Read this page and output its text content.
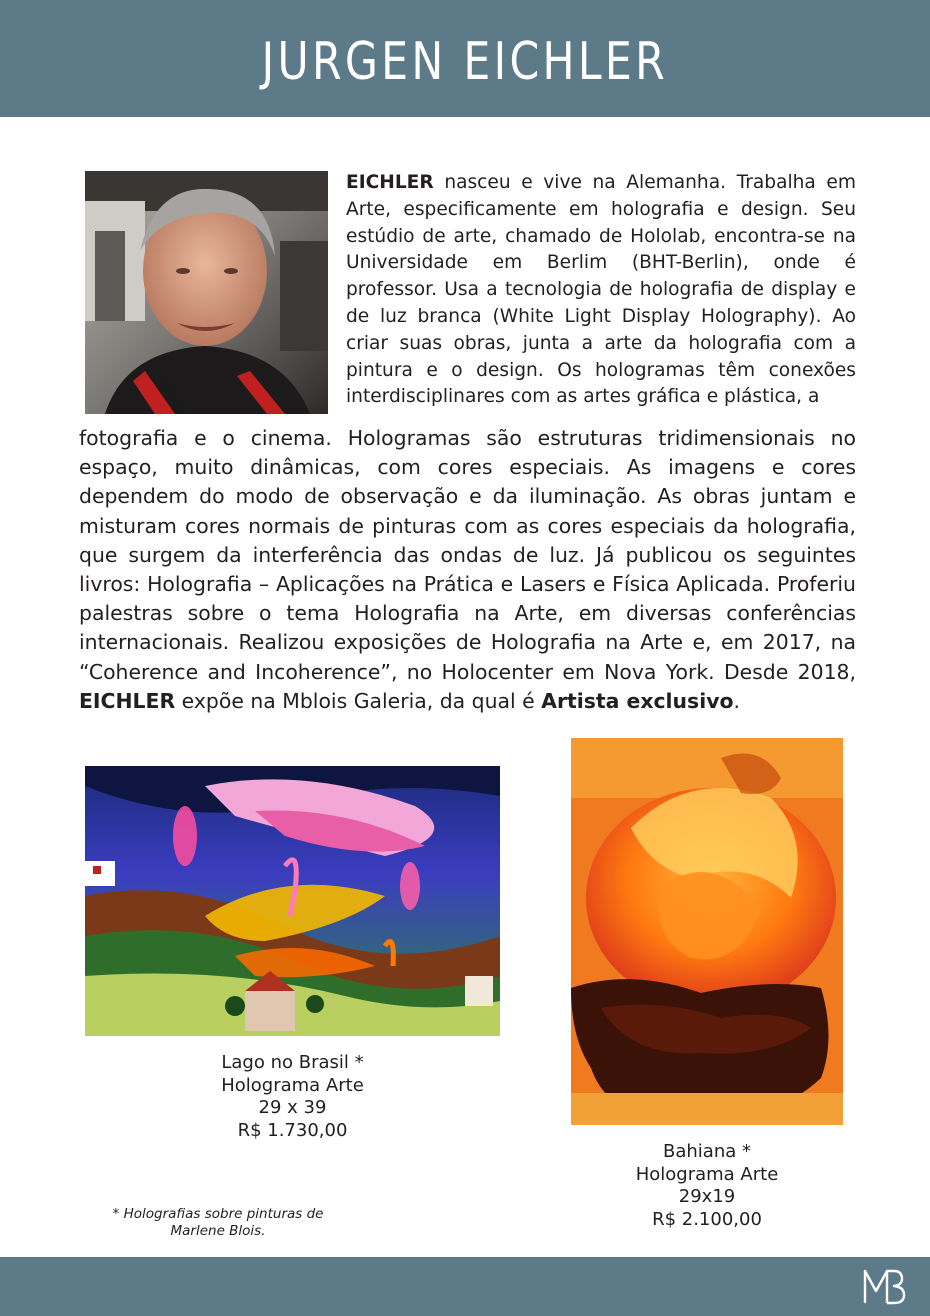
JURGEN EICHLER

EICHLER nasceu e vive na Alemanha. Trabalha em Arte, especificamente em holografia e design. Seu estúdio de arte, chamado de Hololab, encontra-se na Universidade em Berlim (BHT-Berlin), onde é professor. Usa a tecnologia de holografia de display e de luz branca (White Light Display Holography). Ao criar suas obras, junta a arte da holografia com a pintura e o design. Os hologramas têm conexões interdisciplinares com as artes gráfica e plástica, a

fotografia e o cinema. Hologramas são estruturas tridimensionais no espaço, muito dinâmicas, com cores especiais. As imagens e cores dependem do modo de observação e da iluminação. As obras juntam e misturam cores normais de pinturas com as cores especiais da holografia, que surgem da interferência das ondas de luz. Já publicou os seguintes livros: Holografia – Aplicações na Prática e Lasers e Física Aplicada. Proferiu palestras sobre o tema Holografia na Arte, em diversas conferências internacionais. Realizou exposições de Holografia na Arte e, em 2017, na “Coherence and Incoherence”, no Holocenter em Nova York. Desde 2018, EICHLER expõe na Mblois Galeria, da qual é Artista exclusivo.

Lago no Brasil *
Holograma Arte
29 x 39
R$ 1.730,00
Bahiana *
Holograma Arte
29x19
R$ 2.100,00
* Holografias sobre pinturas de
Marlene Blois.
